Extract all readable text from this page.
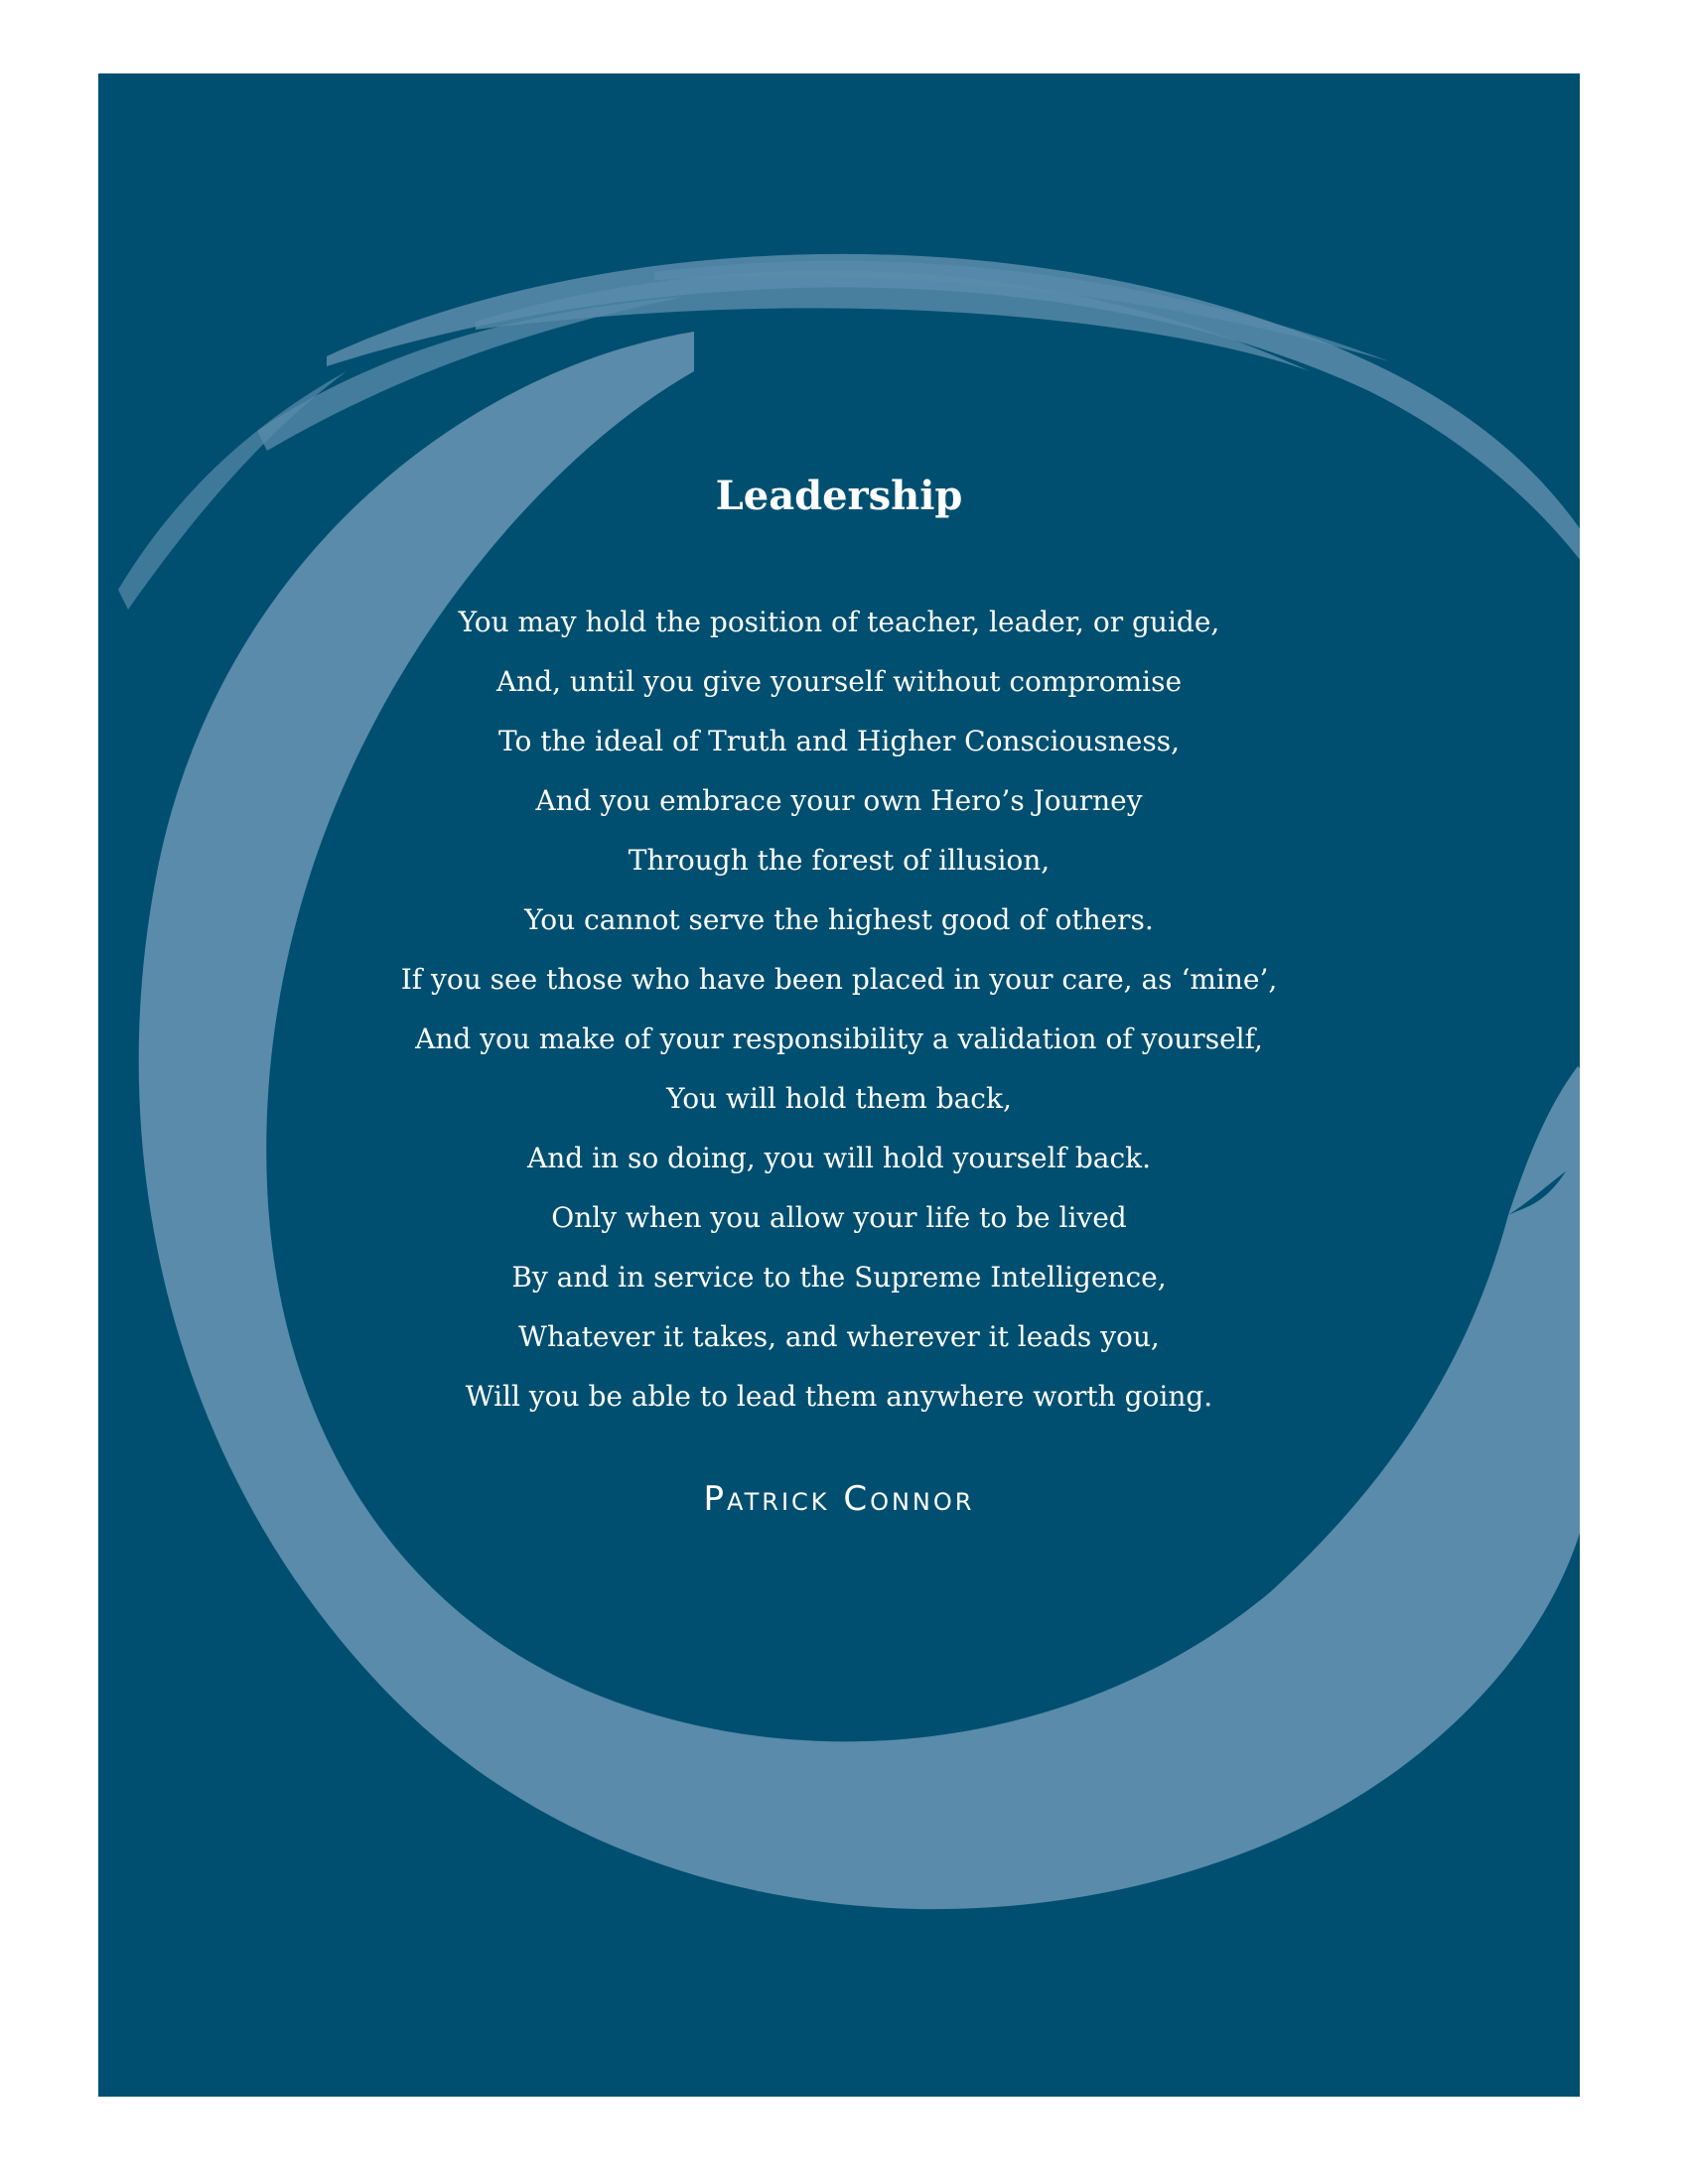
Leadership
You may hold the position of teacher, leader, or guide,
And, until you give yourself without compromise
To the ideal of Truth and Higher Consciousness,
And you embrace your own Hero’s Journey
Through the forest of illusion,
You cannot serve the highest good of others.
If you see those who have been placed in your care, as ‘mine’,
And you make of your responsibility a validation of yourself,
You will hold them back,
And in so doing, you will hold yourself back.
Only when you allow your life to be lived
By and in service to the Supreme Intelligence,
Whatever it takes, and wherever it leads you,
Will you be able to lead them anywhere worth going.

Patrick Connor
